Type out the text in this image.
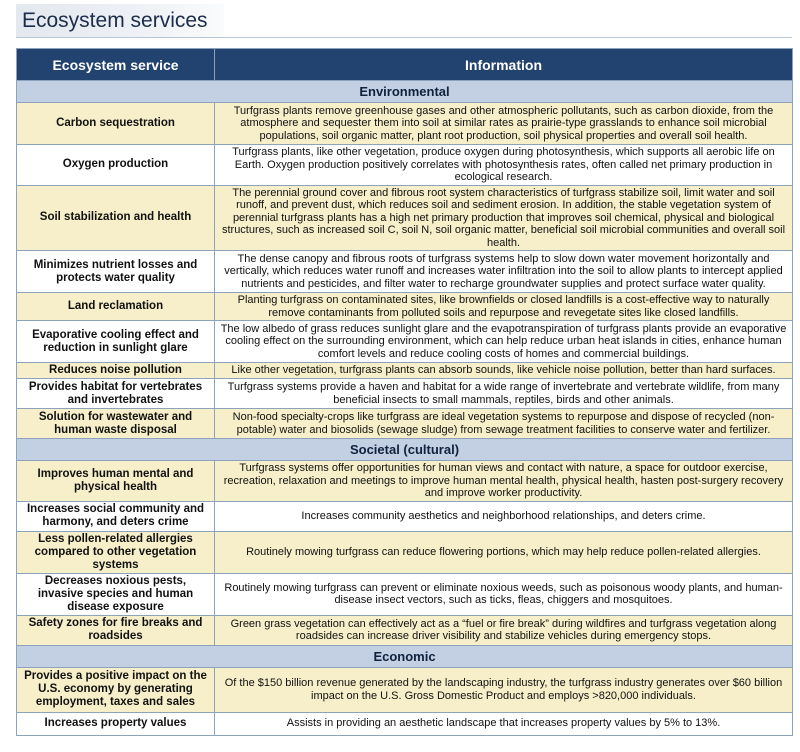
Ecosystem services
Ecosystem service	Information
Environmental	
Carbon sequestration	Turfgrass plants remove greenhouse gases and other atmospheric pollutants, such as carbon dioxide, from the atmosphere and sequester them into soil at similar rates as prairie-type grasslands to enhance soil microbial populations, soil organic matter, plant root production, soil physical properties and overall soil health.
Oxygen production	Turfgrass plants, like other vegetation, produce oxygen during photosynthesis, which supports all aerobic life on Earth. Oxygen production positively correlates with photosynthesis rates, often called net primary production in ecological research.
Soil stabilization and health	The perennial ground cover and fibrous root system characteristics of turfgrass stabilize soil, limit water and soil runoff, and prevent dust, which reduces soil and sediment erosion. In addition, the stable vegetation system of perennial turfgrass plants has a high net primary production that improves soil chemical, physical and biological structures, such as increased soil C, soil N, soil organic matter, beneficial soil microbial communities and overall soil health.
Minimizes nutrient losses and protects water quality	The dense canopy and fibrous roots of turfgrass systems help to slow down water movement horizontally and vertically, which reduces water runoff and increases water infiltration into the soil to allow plants to intercept applied nutrients and pesticides, and filter water to recharge groundwater supplies and protect surface water quality.
Land reclamation	Planting turfgrass on contaminated sites, like brownfields or closed landfills is a cost-effective way to naturally remove contaminants from polluted soils and repurpose and revegetate sites like closed landfills.
Evaporative cooling effect and reduction in sunlight glare	The low albedo of grass reduces sunlight glare and the evapotranspiration of turfgrass plants provide an evaporative cooling effect on the surrounding environment, which can help reduce urban heat islands in cities, enhance human comfort levels and reduce cooling costs of homes and commercial buildings.
Reduces noise pollution	Like other vegetation, turfgrass plants can absorb sounds, like vehicle noise pollution, better than hard surfaces.
Provides habitat for vertebrates and invertebrates	Turfgrass systems provide a haven and habitat for a wide range of invertebrate and vertebrate wildlife, from many beneficial insects to small mammals, reptiles, birds and other animals.
Solution for wastewater and human waste disposal	Non-food specialty-crops like turfgrass are ideal vegetation systems to repurpose and dispose of recycled (non-potable) water and biosolids (sewage sludge) from sewage treatment facilities to conserve water and fertilizer.
Societal (cultural)	
Improves human mental and physical health	Turfgrass systems offer opportunities for human views and contact with nature, a space for outdoor exercise, recreation, relaxation and meetings to improve human mental health, physical health, hasten post-surgery recovery and improve worker productivity.
Increases social community and harmony, and deters crime	Increases community aesthetics and neighborhood relationships, and deters crime.
Less pollen-related allergies compared to other vegetation systems	Routinely mowing turfgrass can reduce flowering portions, which may help reduce pollen-related allergies.
Decreases noxious pests, invasive species and human disease exposure	Routinely mowing turfgrass can prevent or eliminate noxious weeds, such as poisonous woody plants, and human-disease insect vectors, such as ticks, fleas, chiggers and mosquitoes.
Safety zones for fire breaks and roadsides	Green grass vegetation can effectively act as a “fuel or fire break” during wildfires and turfgrass vegetation along roadsides can increase driver visibility and stabilize vehicles during emergency stops.
Economic	
Provides a positive impact on the U.S. economy by generating employment, taxes and sales	Of the $150 billion revenue generated by the landscaping industry, the turfgrass industry generates over $60 billion impact on the U.S. Gross Domestic Product and employs >820,000 individuals.
Increases property values	Assists in providing an aesthetic landscape that increases property values by 5% to 13%.
